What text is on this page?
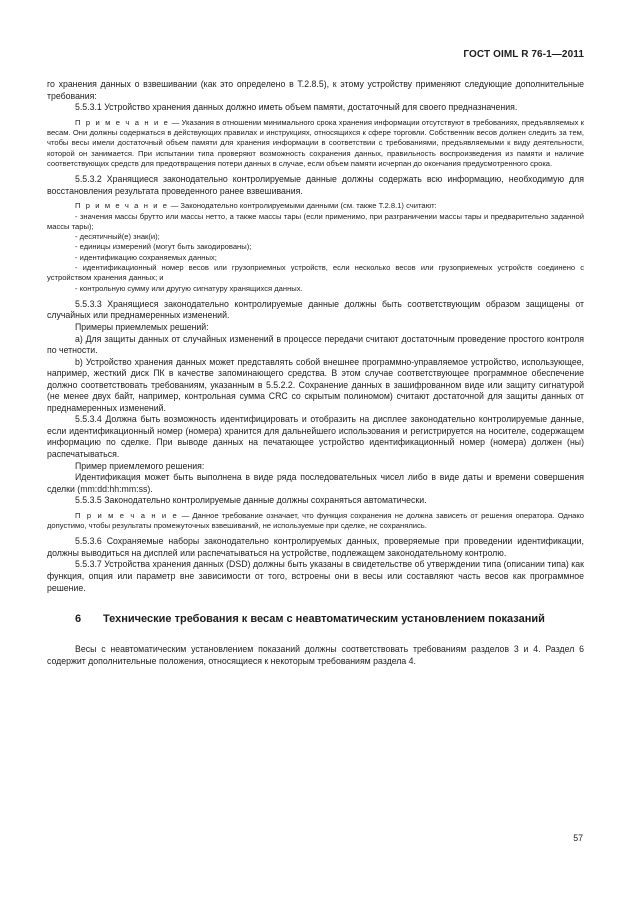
ГОСТ OIML R 76-1—2011

го хранения данных о взвешивании (как это определено в Т.2.8.5), к этому устройству применяют следующие дополнительные требования:

5.5.3.1 Устройство хранения данных должно иметь объем памяти, достаточный для своего предназначения.

П р и м е ч а н и е — Указания в отношении минимального срока хранения информации отсутствуют в требованиях, предъявляемых к весам. Они должны содержаться в действующих правилах и инструкциях, относящихся к сфере торговли. Собственник весов должен следить за тем, чтобы весы имели достаточный объем памяти для хранения информации в соответствии с требованиями, предъявляемыми к виду деятельности, которой он занимается. При испытании типа проверяют возможность сохранения данных, правильность воспроизведения из памяти и наличие соответствующих средств для предотвращения потери данных в случае, если объем памяти исчерпан до окончания предусмотренного срока.

5.5.3.2 Хранящиеся законодательно контролируемые данные должны содержать всю информацию, необходимую для восстановления результата проведенного ранее взвешивания.

П р и м е ч а н и е — Законодательно контролируемыми данными (см. также Т.2.8.1) считают:

- значения массы брутто или массы нетто, а также массы тары (если применимо, при разграничении массы тары и предварительно заданной массы тары);

- десятичный(е) знак(и);

- единицы измерений (могут быть закодированы);

- идентификацию сохраняемых данных;

- идентификационный номер весов или грузоприемных устройств, если несколько весов или грузоприемных устройств соединено с устройством хранения данных; и

- контрольную сумму или другую сигнатуру хранящихся данных.

5.5.3.3 Хранящиеся законодательно контролируемые данные должны быть соответствующим образом защищены от случайных или преднамеренных изменений.

Примеры приемлемых решений:

a) Для защиты данных от случайных изменений в процессе передачи считают достаточным проведение простого контроля по четности.

b) Устройство хранения данных может представлять собой внешнее программно-управляемое устройство, использующее, например, жесткий диск ПК в качестве запоминающего средства. В этом случае соответствующее программное обеспечение должно соответствовать требованиям, указанным в 5.5.2.2. Сохранение данных в зашифрованном виде или защиту сигнатурой (не менее двух байт, например, контрольная сумма CRC со скрытым полиномом) считают достаточной для защиты данных от преднамеренных изменений.

5.5.3.4 Должна быть возможность идентифицировать и отобразить на дисплее законодательно контролируемые данные, если идентификационный номер (номера) хранится для дальнейшего использования и регистрируется на носителе, содержащем информацию по сделке. При выводе данных на печатающее устройство идентификационный номер (номера) должен (ны) распечатываться.

Пример приемлемого решения:

Идентификация может быть выполнена в виде ряда последовательных чисел либо в виде даты и времени совершения сделки (mm:dd:hh:mm:ss).

5.5.3.5 Законодательно контролируемые данные должны сохраняться автоматически.

П р и м е ч а н и е — Данное требование означает, что функция сохранения не должна зависеть от решения оператора. Однако допустимо, чтобы результаты промежуточных взвешиваний, не используемые при сделке, не сохранялись.

5.5.3.6 Сохраняемые наборы законодательно контролируемых данных, проверяемые при проведении идентификации, должны выводиться на дисплей или распечатываться на устройстве, подлежащем законодательному контролю.

5.5.3.7 Устройства хранения данных (DSD) должны быть указаны в свидетельстве об утверждении типа (описании типа) как функция, опция или параметр вне зависимости от того, встроены они в весы или составляют часть весов как программное решение.

6	Технические требования к весам с неавтоматическим установлением показаний

Весы с неавтоматическим установлением показаний должны соответствовать требованиям разделов 3 и 4. Раздел 6 содержит дополнительные положения, относящиеся к некоторым требованиям раздела 4.

57
